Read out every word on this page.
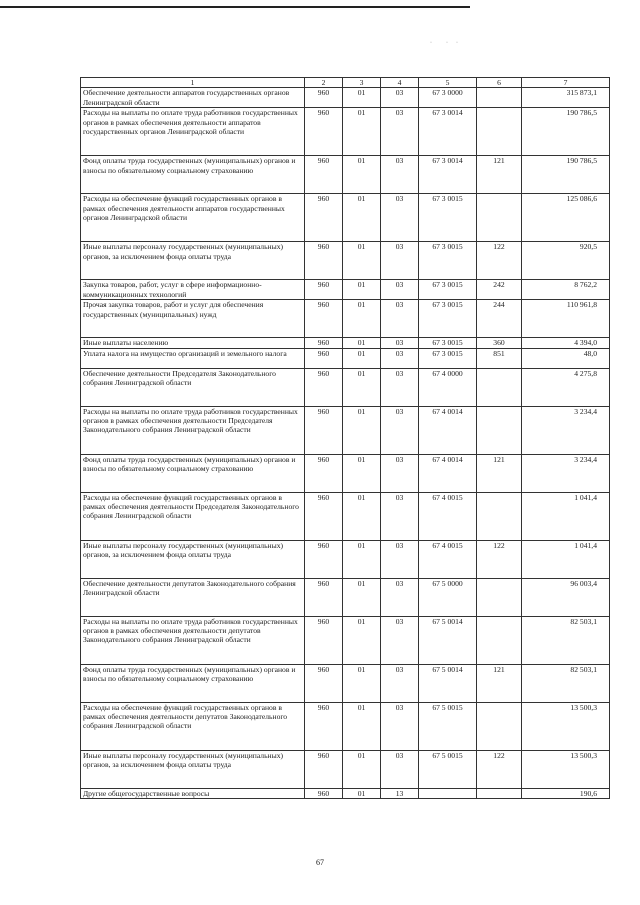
· · ·
1	2	3	4	5	6	7
Обеспечение деятельности аппаратов государственных органов Ленинградской области	960	01	03	67 3 0000		315 873,1
Расходы на выплаты по оплате труда работников государственных органов в рамках обеспечения деятельности аппаратов государственных органов Ленинградской области	960	01	03	67 3 0014		190 786,5
Фонд оплаты труда государственных (муниципальных) органов и взносы по обязательному социальному страхованию	960	01	03	67 3 0014	121	190 786,5
Расходы на обеспечение функций государственных органов в рамках обеспечения деятельности аппаратов государственных органов Ленинградской области	960	01	03	67 3 0015		125 086,6
Иные выплаты персоналу государственных (муниципальных) органов, за исключением фонда оплаты труда	960	01	03	67 3 0015	122	920,5
Закупка товаров, работ, услуг в сфере информационно-коммуникационных технологий	960	01	03	67 3 0015	242	8 762,2
Прочая закупка товаров, работ и услуг для обеспечения государственных (муниципальных) нужд	960	01	03	67 3 0015	244	110 961,8
Иные выплаты населению	960	01	03	67 3 0015	360	4 394,0
Уплата налога на имущество организаций и земельного налога	960	01	03	67 3 0015	851	48,0
Обеспечение деятельности Председателя Законодательного собрания Ленинградской области	960	01	03	67 4 0000		4 275,8
Расходы на выплаты по оплате труда работников государственных органов в рамках обеспечения деятельности Председателя Законодательного собрания Ленинградской области	960	01	03	67 4 0014		3 234,4
Фонд оплаты труда государственных (муниципальных) органов и взносы по обязательному социальному страхованию	960	01	03	67 4 0014	121	3 234,4
Расходы на обеспечение функций государственных органов в рамках обеспечения деятельности Председателя Законодательного собрания Ленинградской области	960	01	03	67 4 0015		1 041,4
Иные выплаты персоналу государственных (муниципальных) органов, за исключением фонда оплаты труда	960	01	03	67 4 0015	122	1 041,4
Обеспечение деятельности депутатов Законодательного собрания Ленинградской области	960	01	03	67 5 0000		96 003,4
Расходы на выплаты по оплате труда работников государственных органов в рамках обеспечения деятельности депутатов Законодательного собрания Ленинградской области	960	01	03	67 5 0014		82 503,1
Фонд оплаты труда государственных (муниципальных) органов и взносы по обязательному социальному страхованию	960	01	03	67 5 0014	121	82 503,1
Расходы на обеспечение функций государственных органов в рамках обеспечения деятельности депутатов Законодательного собрания Ленинградской области	960	01	03	67 5 0015		13 500,3
Иные выплаты персоналу государственных (муниципальных) органов, за исключением фонда оплаты труда	960	01	03	67 5 0015	122	13 500,3
Другие общегосударственные вопросы	960	01	13			190,6
67
